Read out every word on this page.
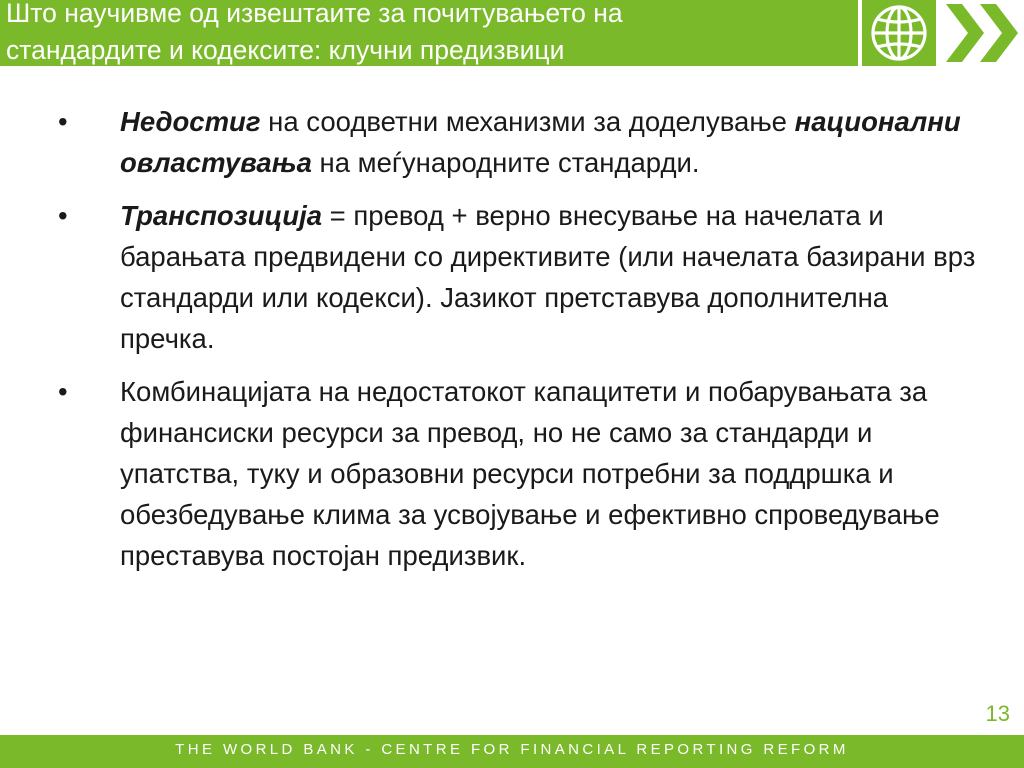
Што научивме од извештаите за почитувањето на
стандардите и кодексите: клучни предизвици
•	Недостиг на соодветни механизми за доделување национални овластувања на меѓународните стандарди.
•	Транспозиција = превод + верно внесување на начелата и барањата предвидени со директивите (или начелата базирани врз стандарди или кодекси). Јазикот претставува дополнителна пречка.
•	Комбинацијата на недостатокот капацитети и побарувањата за финансиски ресурси за превод, но не само за стандарди и упатства, туку и образовни ресурси потребни за поддршка и обезбедување клима за усвојување и ефективно спроведување преставува постојан предизвик.
13
THE WORLD BANK - CENTRE FOR FINANCIAL REPORTING REFORM
